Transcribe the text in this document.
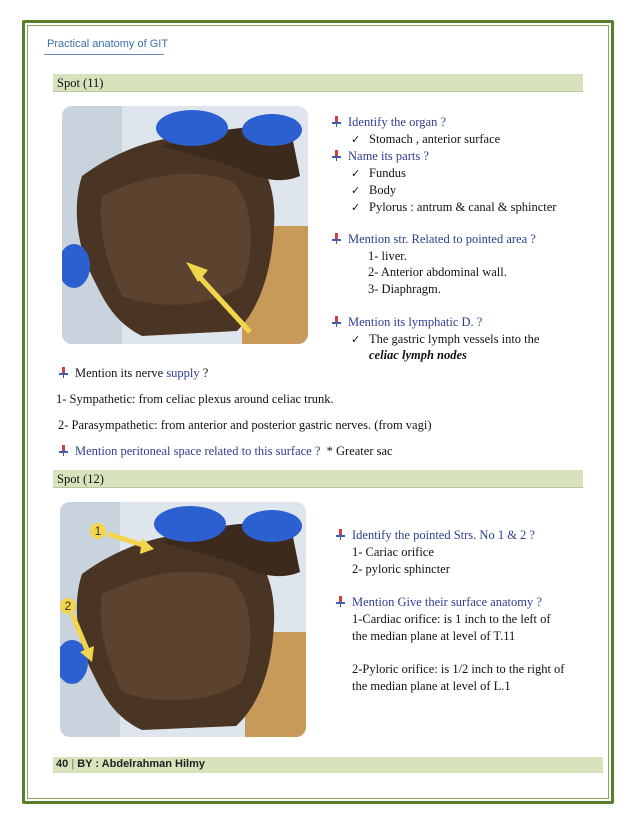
Practical anatomy of GIT
Spot (11)
Identify the organ ?
✓ Stomach , anterior surface
Name its parts ?
✓ Fundus
✓ Body
✓ Pylorus : antrum & canal & sphincter
Mention str. Related to pointed area ?
1- liver.
2- Anterior abdominal wall.
3- Diaphragm.
Mention its lymphatic D. ?
✓ The gastric lymph vessels into the
celiac lymph nodes
Mention its nerve supply ?
1- Sympathetic: from celiac plexus around celiac trunk.
2- Parasympathetic: from anterior and posterior gastric nerves. (from vagi)
Mention peritoneal space related to this surface ? * Greater sac
Spot (12)
1
2
Identify the pointed Strs. No 1 & 2 ?
1- Cariac orifice
2- pyloric sphincter
Mention Give their surface anatomy ?
1-Cardiac orifice: is 1 inch to the left of
the median plane at level of T.11
2-Pyloric orifice: is 1/2 inch to the right of
the median plane at level of L.1
40 | BY : Abdelrahman Hilmy
